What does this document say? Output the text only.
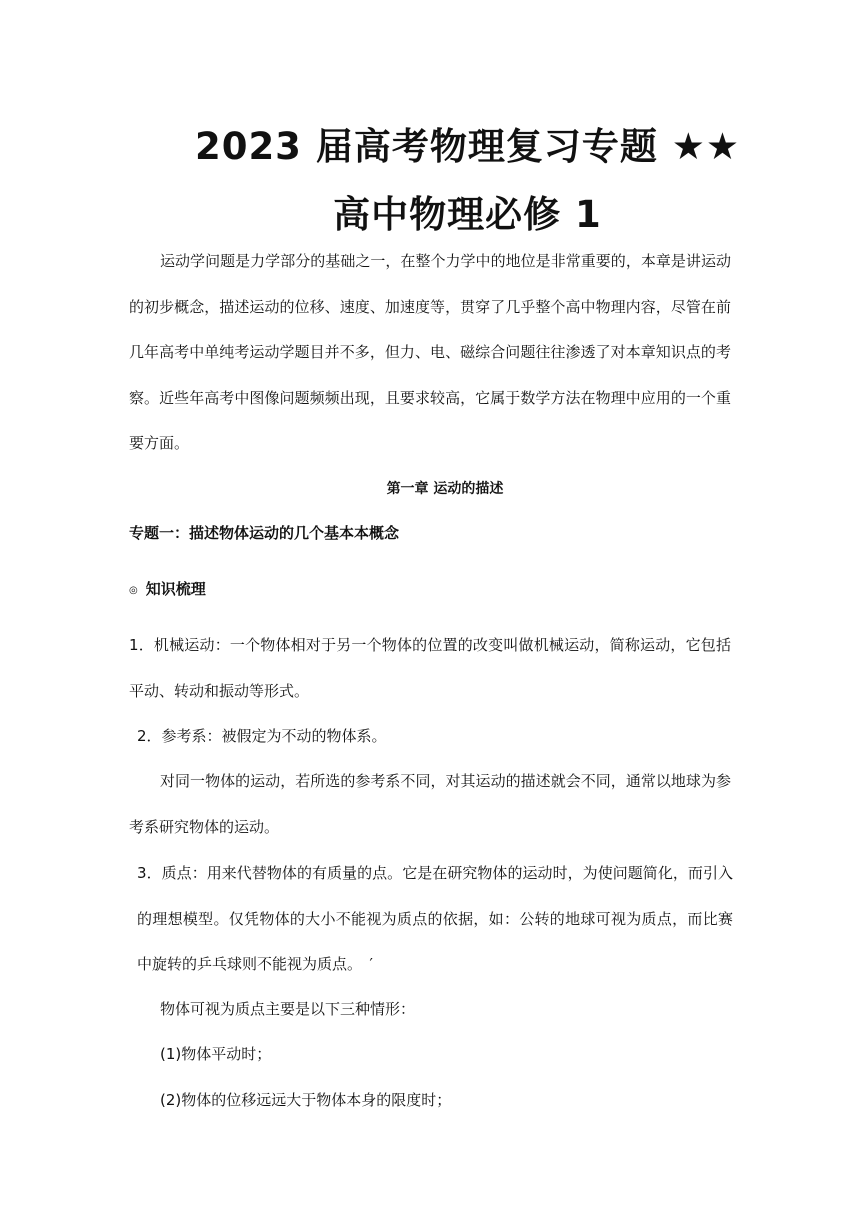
2023 届高考物理复习专题 ★★
高中物理必修 1
运动学问题是力学部分的基础之一，在整个力学中的地位是非常重要的，本章是讲运动的初步概念，描述运动的位移、速度、加速度等，贯穿了几乎整个高中物理内容，尽管在前几年高考中单纯考运动学题目并不多，但力、电、磁综合问题往往渗透了对本章知识点的考察。近些年高考中图像问题频频出现，且要求较高，它属于数学方法在物理中应用的一个重要方面。
第一章 运动的描述
专题一：描述物体运动的几个基本本概念
◎ 知识梳理
1．机械运动：一个物体相对于另一个物体的位置的改变叫做机械运动，简称运动，它包括平动、转动和振动等形式。
2．参考系：被假定为不动的物体系。
对同一物体的运动，若所选的参考系不同，对其运动的描述就会不同，通常以地球为参考系研究物体的运动。
3．质点：用来代替物体的有质量的点。它是在研究物体的运动时，为使问题简化，而引入的理想模型。仅凭物体的大小不能视为质点的依据，如：公转的地球可视为质点，而比赛中旋转的乒乓球则不能视为质点。　′
物体可视为质点主要是以下三种情形：
(1)物体平动时；
(2)物体的位移远远大于物体本身的限度时；
